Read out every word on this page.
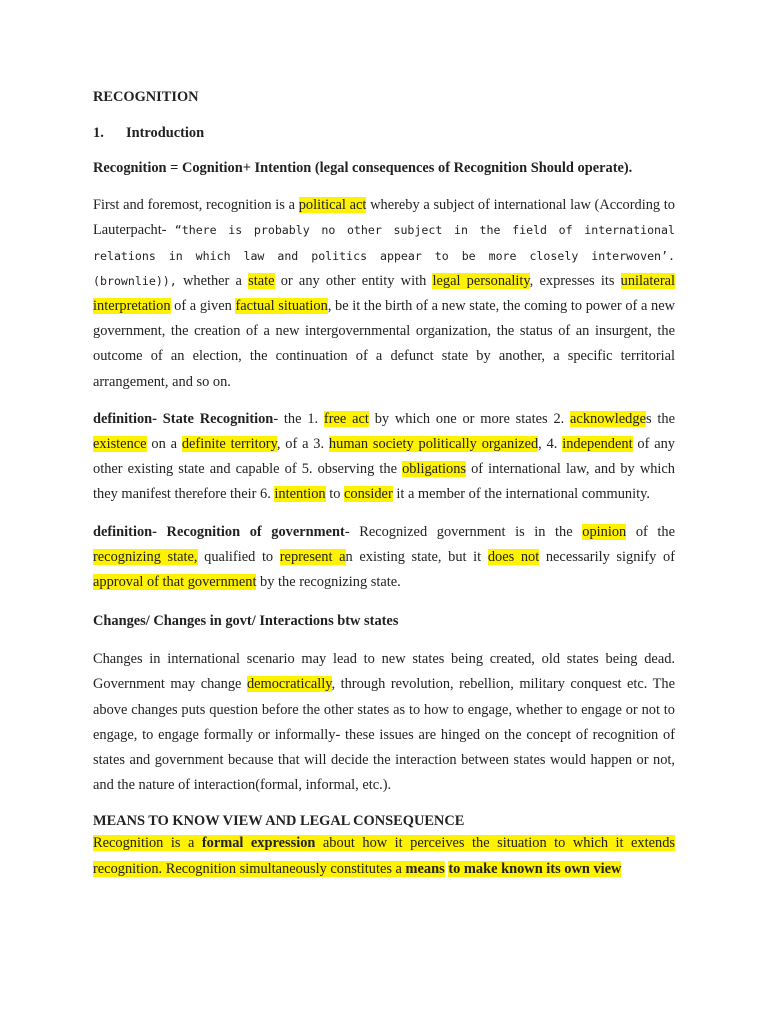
RECOGNITION

1. Introduction

Recognition = Cognition+ Intention (legal consequences of Recognition Should operate).

First and foremost, recognition is a political act whereby a subject of international law (According to Lauterpacht- “there is probably no other subject in the field of international relations in which law and politics appear to be more closely interwoven’.(brownlie)), whether a state or any other entity with legal personality, expresses its unilateral interpretation of a given factual situation, be it the birth of a new state, the coming to power of a new government, the creation of a new intergovernmental organization, the status of an insurgent, the outcome of an election, the continuation of a defunct state by another, a specific territorial arrangement, and so on.

definition- State Recognition- the 1. free act by which one or more states 2. acknowledges the existence on a definite territory, of a 3. human society politically organized, 4. independent of any other existing state and capable of 5. observing the obligations of international law, and by which they manifest therefore their 6. intention to consider it a member of the international community.

definition- Recognition of government- Recognized government is in the opinion of the recognizing state, qualified to represent an existing state, but it does not necessarily signify of approval of that government by the recognizing state.

Changes/ Changes in govt/ Interactions btw states

Changes in international scenario may lead to new states being created, old states being dead. Government may change democratically, through revolution, rebellion, military conquest etc. The above changes puts question before the other states as to how to engage, whether to engage or not to engage, to engage formally or informally- these issues are hinged on the concept of recognition of states and government because that will decide the interaction between states would happen or not, and the nature of interaction(formal, informal, etc.).

MEANS TO KNOW VIEW AND LEGAL CONSEQUENCE

Recognition is a formal expression about how it perceives the situation to which it extends recognition. Recognition simultaneously constitutes a means to make known its own view
